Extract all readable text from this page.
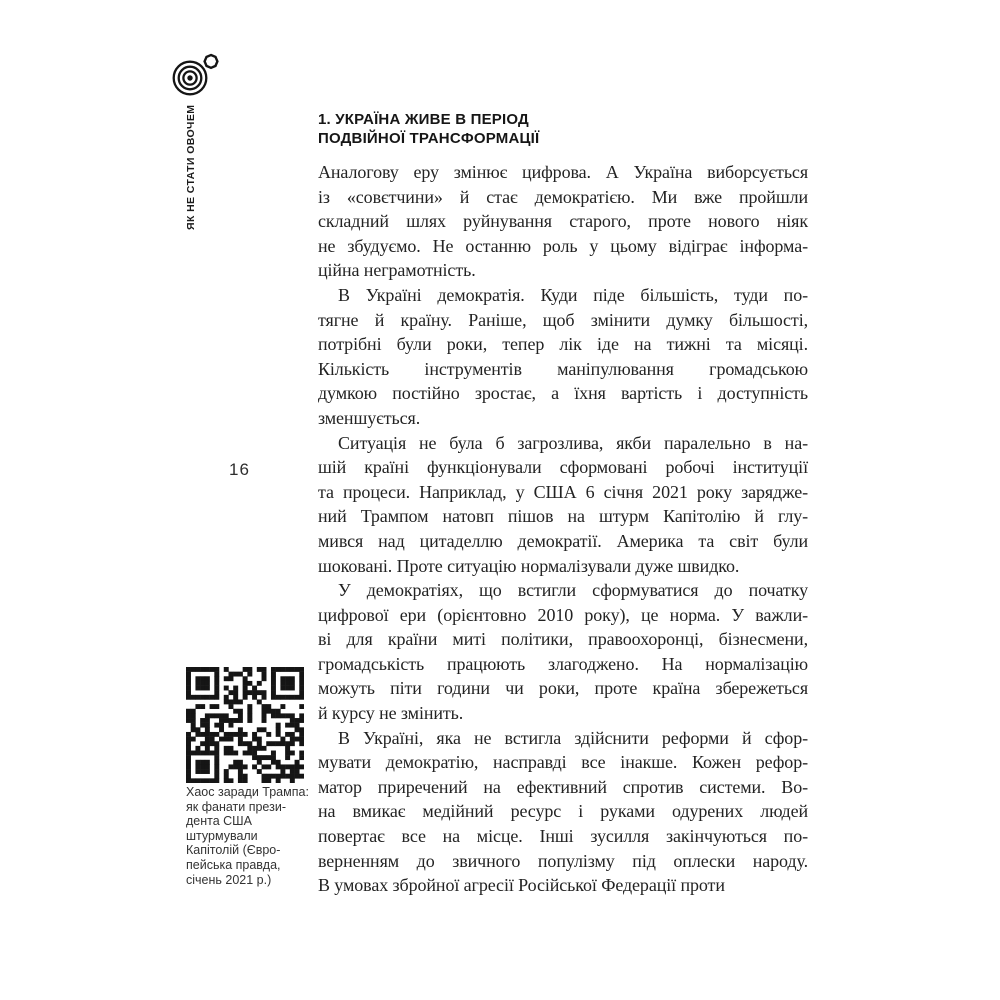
ЯК НЕ СТАТИ ОВОЧЕМ
16
Хаос заради Трампа:
як фанати прези-
дента США
штурмували
Капітолій (Євро-
пейська правда,
січень 2021 р.)
1. УКРАЇНА ЖИВЕ В ПЕРІОД
ПОДВІЙНОЇ ТРАНСФОРМАЦІЇ
Аналогову еру змінює цифрова. А Україна виборсується
із «совєтчини» й стає демократією. Ми вже пройшли
складний шлях руйнування старого, проте нового ніяк
не збудуємо. Не останню роль у цьому відіграє інформа-
ційна неграмотність.
В Україні демократія. Куди піде більшість, туди по-
тягне й країну. Раніше, щоб змінити думку більшості,
потрібні були роки, тепер лік іде на тижні та місяці.
Кількість інструментів маніпулювання громадською
думкою постійно зростає, а їхня вартість і доступність
зменшується.
Ситуація не була б загрозлива, якби паралельно в на-
шій країні функціонували сформовані робочі інституції
та процеси. Наприклад, у США 6 січня 2021 року зарядже-
ний Трампом натовп пішов на штурм Капітолію й глу-
мився над цитаделлю демократії. Америка та світ були
шоковані. Проте ситуацію нормалізували дуже швидко.
У демократіях, що встигли сформуватися до початку
цифрової ери (орієнтовно 2010 року), це норма. У важли-
ві для країни миті політики, правоохоронці, бізнесмени,
громадськість працюють злагоджено. На нормалізацію
можуть піти години чи роки, проте країна збережеться
й курсу не змінить.
В Україні, яка не встигла здійснити реформи й сфор-
мувати демократію, насправді все інакше. Кожен рефор-
матор приречений на ефективний спротив системи. Во-
на вмикає медійний ресурс і руками одурених людей
повертає все на місце. Інші зусилля закінчуються по-
верненням до звичного популізму під оплески народу.
В умовах збройної агресії Російської Федерації проти
